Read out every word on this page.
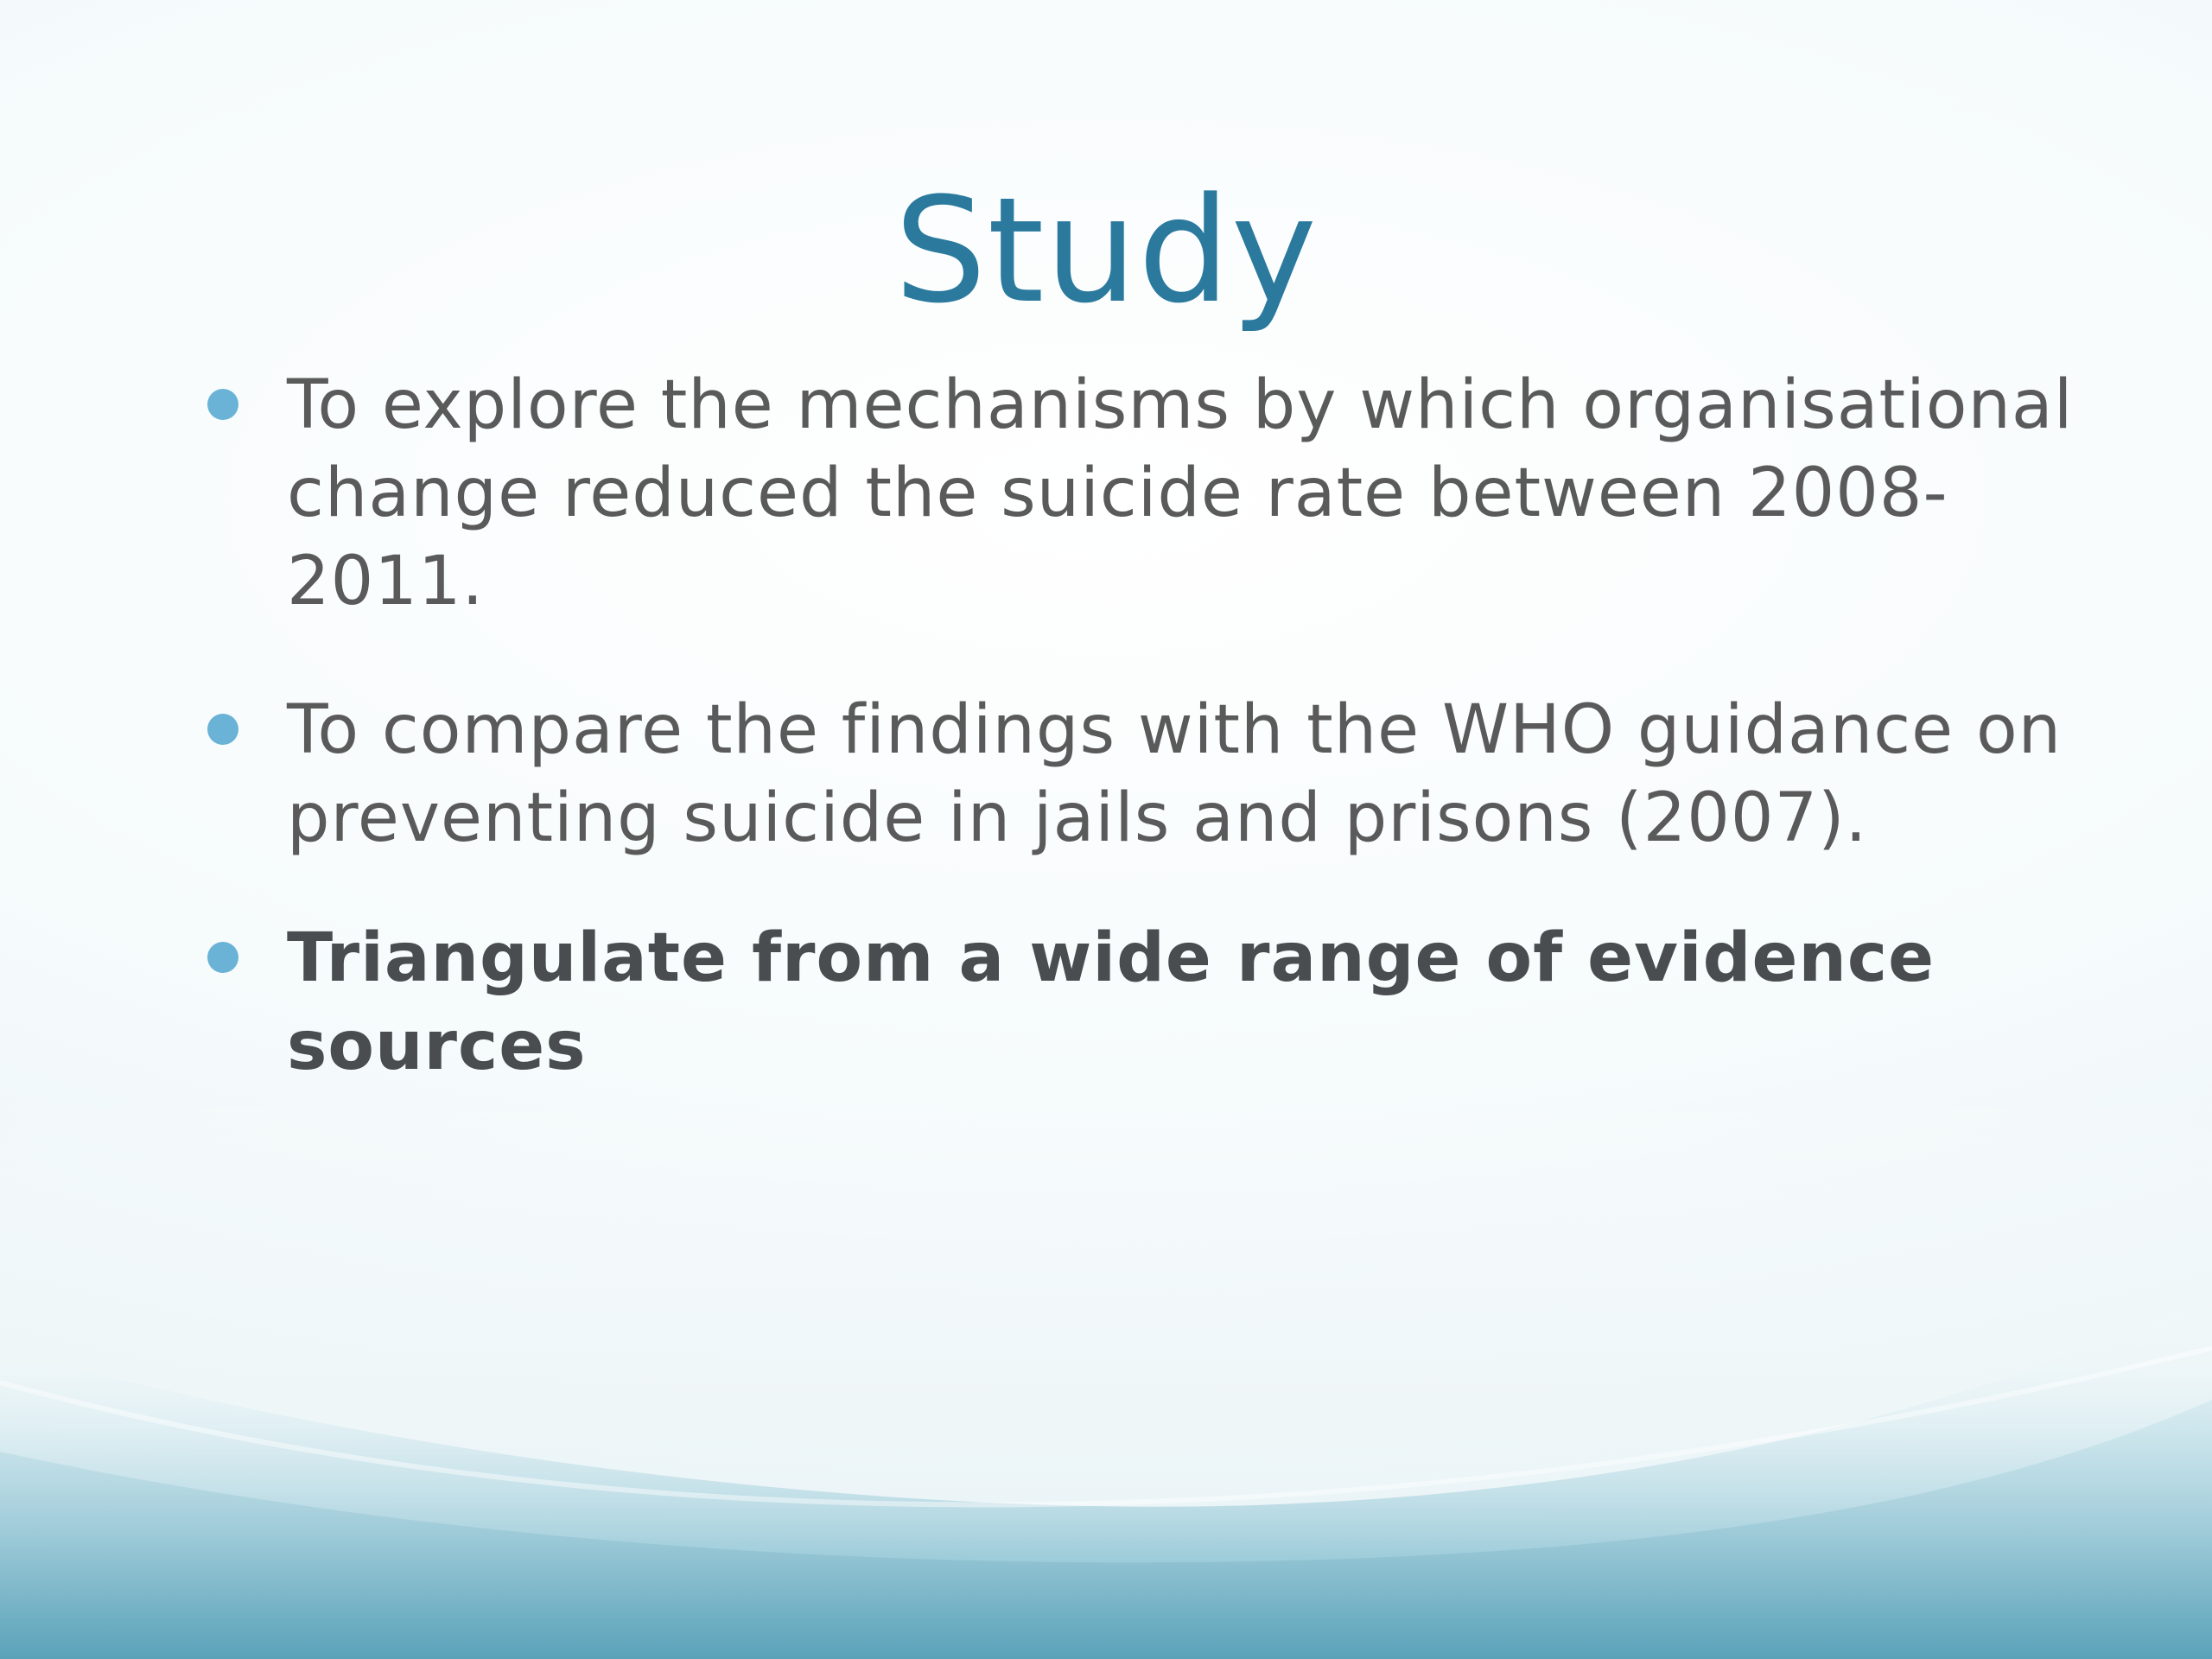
Study
To explore the mechanisms by which organisational change reduced the suicide rate between 2008-2011.
To compare the findings with the WHO guidance on preventing suicide in jails and prisons (2007).
Triangulate from a wide range of evidence sources
